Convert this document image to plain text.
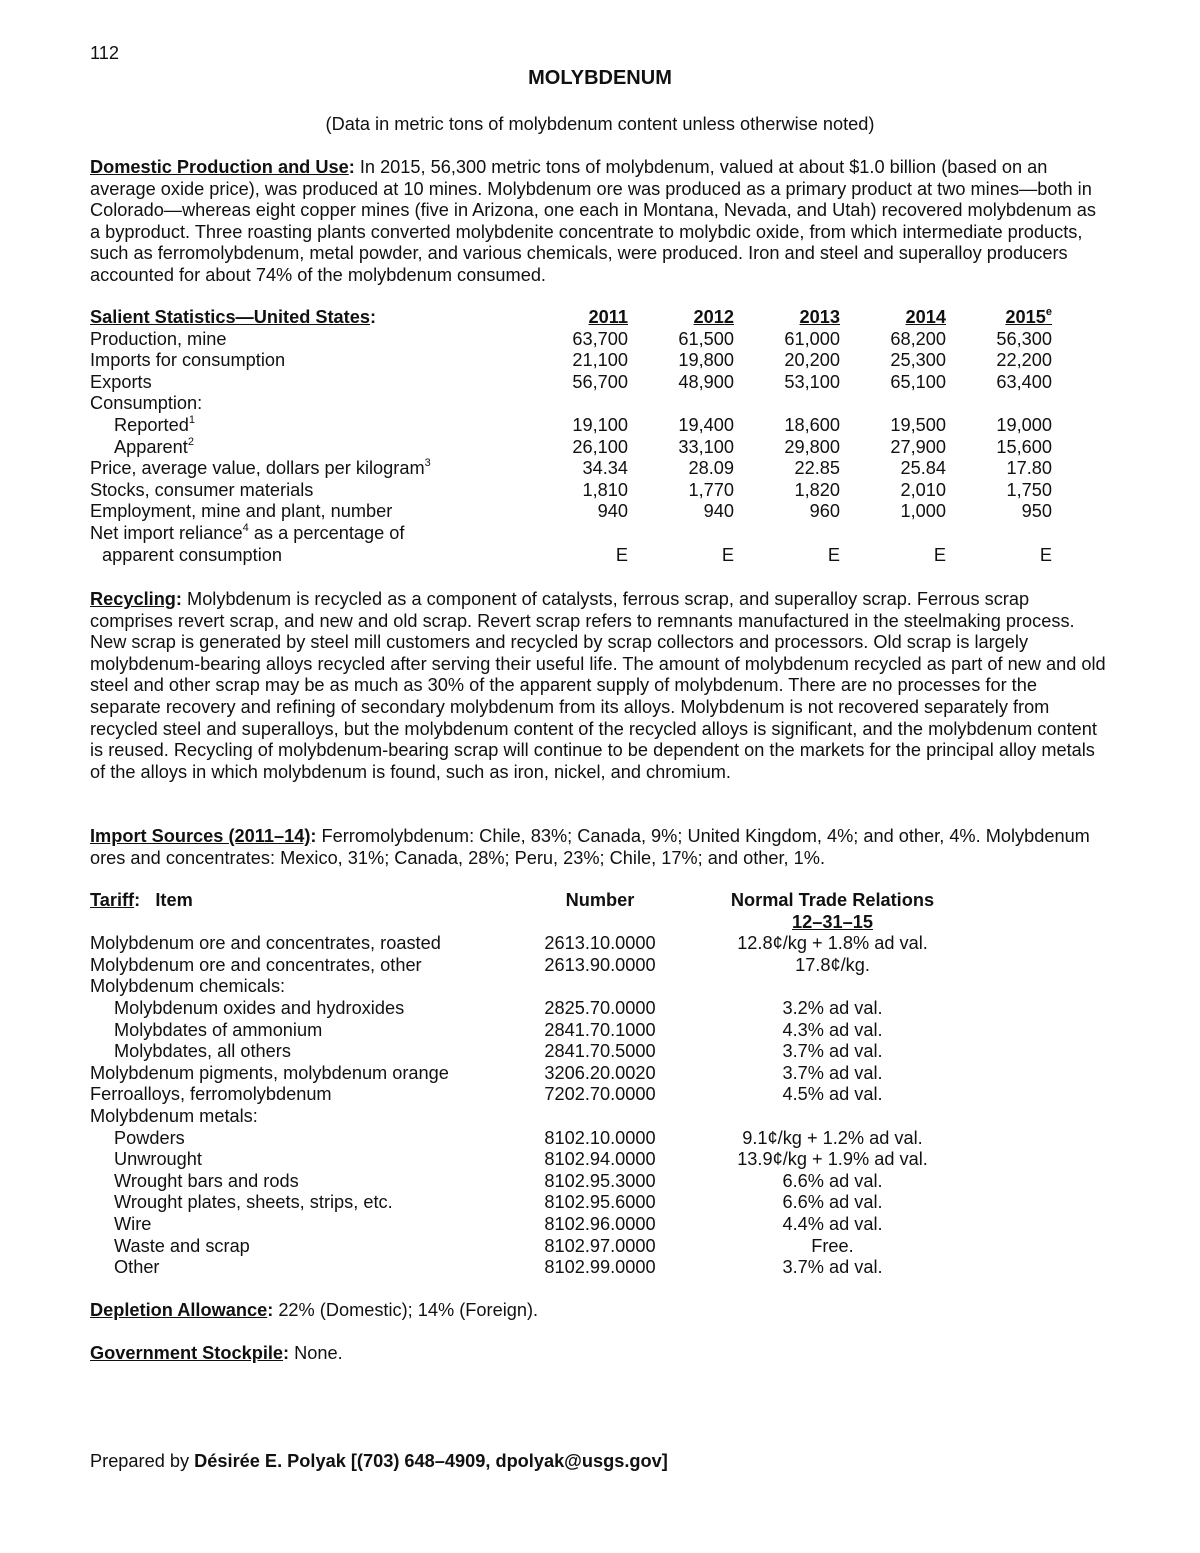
112
MOLYBDENUM
(Data in metric tons of molybdenum content unless otherwise noted)
Domestic Production and Use: In 2015, 56,300 metric tons of molybdenum, valued at about $1.0 billion (based on an average oxide price), was produced at 10 mines. Molybdenum ore was produced as a primary product at two mines—both in Colorado—whereas eight copper mines (five in Arizona, one each in Montana, Nevada, and Utah) recovered molybdenum as a byproduct. Three roasting plants converted molybdenite concentrate to molybdic oxide, from which intermediate products, such as ferromolybdenum, metal powder, and various chemicals, were produced. Iron and steel and superalloy producers accounted for about 74% of the molybdenum consumed.
Salient Statistics—United States:	2011	2012	2013	2014	2015e
Production, mine	63,700	61,500	61,000	68,200	56,300
Imports for consumption	21,100	19,800	20,200	25,300	22,200
Exports	56,700	48,900	53,100	65,100	63,400
Consumption:					
Reported$^1$	19,100	19,400	18,600	19,500	19,000
Apparent$^2$	26,100	33,100	29,800	27,900	15,600
Price, average value, dollars per kilogram$^3$	34.34	28.09	22.85	25.84	17.80
Stocks, consumer materials	1,810	1,770	1,820	2,010	1,750
Employment, mine and plant, number	940	940	960	1,000	950
Net import reliance$^4$ as a percentage of					
apparent consumption	E	E	E	E	E
Recycling: Molybdenum is recycled as a component of catalysts, ferrous scrap, and superalloy scrap. Ferrous scrap comprises revert scrap, and new and old scrap. Revert scrap refers to remnants manufactured in the steelmaking process. New scrap is generated by steel mill customers and recycled by scrap collectors and processors. Old scrap is largely molybdenum-bearing alloys recycled after serving their useful life. The amount of molybdenum recycled as part of new and old steel and other scrap may be as much as 30% of the apparent supply of molybdenum. There are no processes for the separate recovery and refining of secondary molybdenum from its alloys. Molybdenum is not recovered separately from recycled steel and superalloys, but the molybdenum content of the recycled alloys is significant, and the molybdenum content is reused. Recycling of molybdenum-bearing scrap will continue to be dependent on the markets for the principal alloy metals of the alloys in which molybdenum is found, such as iron, nickel, and chromium.
Import Sources (2011–14): Ferromolybdenum: Chile, 83%; Canada, 9%; United Kingdom, 4%; and other, 4%. Molybdenum ores and concentrates: Mexico, 31%; Canada, 28%; Peru, 23%; Chile, 17%; and other, 1%.
Tariff:   Item	Number	Normal Trade Relations
		12–31–15
Molybdenum ore and concentrates, roasted	2613.10.0000	12.8¢/kg + 1.8% ad val.
Molybdenum ore and concentrates, other	2613.90.0000	17.8¢/kg.
Molybdenum chemicals:		
Molybdenum oxides and hydroxides	2825.70.0000	3.2% ad val.
Molybdates of ammonium	2841.70.1000	4.3% ad val.
Molybdates, all others	2841.70.5000	3.7% ad val.
Molybdenum pigments, molybdenum orange	3206.20.0020	3.7% ad val.
Ferroalloys, ferromolybdenum	7202.70.0000	4.5% ad val.
Molybdenum metals:		
Powders	8102.10.0000	9.1¢/kg + 1.2% ad val.
Unwrought	8102.94.0000	13.9¢/kg + 1.9% ad val.
Wrought bars and rods	8102.95.3000	6.6% ad val.
Wrought plates, sheets, strips, etc.	8102.95.6000	6.6% ad val.
Wire	8102.96.0000	4.4% ad val.
Waste and scrap	8102.97.0000	Free.
Other	8102.99.0000	3.7% ad val.
Depletion Allowance: 22% (Domestic); 14% (Foreign).
Government Stockpile: None.
Prepared by Désirée E. Polyak [(703) 648–4909, dpolyak@usgs.gov]
